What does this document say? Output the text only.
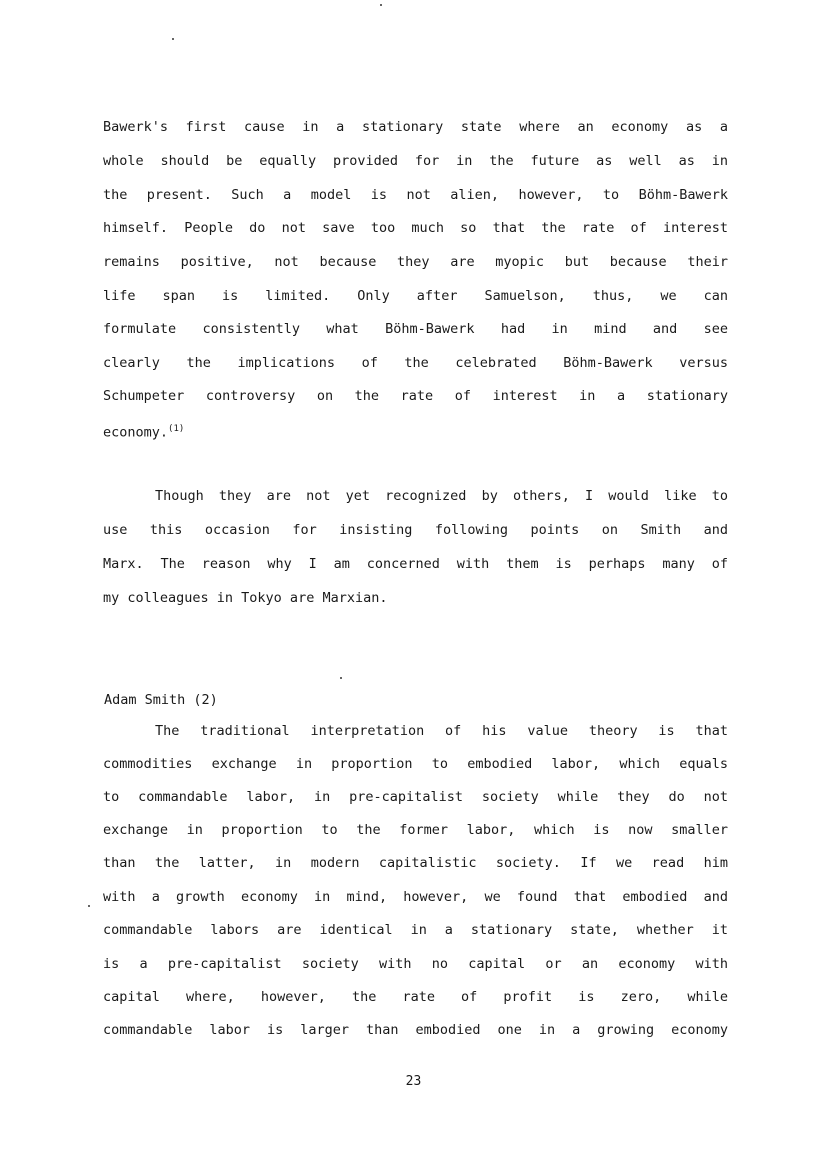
Bawerk's first cause in a stationary state where an economy as a
whole should be equally provided for in the future as well as in
the present. Such a model is not alien, however, to Böhm-Bawerk
himself. People do not save too much so that the rate of interest
remains positive, not because they are myopic but because their
life span is limited. Only after Samuelson, thus, we can
formulate consistently what Böhm-Bawerk had in mind and see
clearly the implications of the celebrated Böhm-Bawerk versus
Schumpeter controversy on the rate of interest in a stationary
economy.$^{(1)}$
Though they are not yet recognized by others, I would like to
use this occasion for insisting following points on Smith and
Marx. The reason why I am concerned with them is perhaps many of
my colleagues in Tokyo are Marxian.
Adam Smith (2)
The traditional interpretation of his value theory is that
commodities exchange in proportion to embodied labor, which equals
to commandable labor, in pre-capitalist society while they do not
exchange in proportion to the former labor, which is now smaller
than the latter, in modern capitalistic society. If we read him
with a growth economy in mind, however, we found that embodied and
commandable labors are identical in a stationary state, whether it
is a pre-capitalist society with no capital or an economy with
capital where, however, the rate of profit is zero, while
commandable labor is larger than embodied one in a growing economy
23
